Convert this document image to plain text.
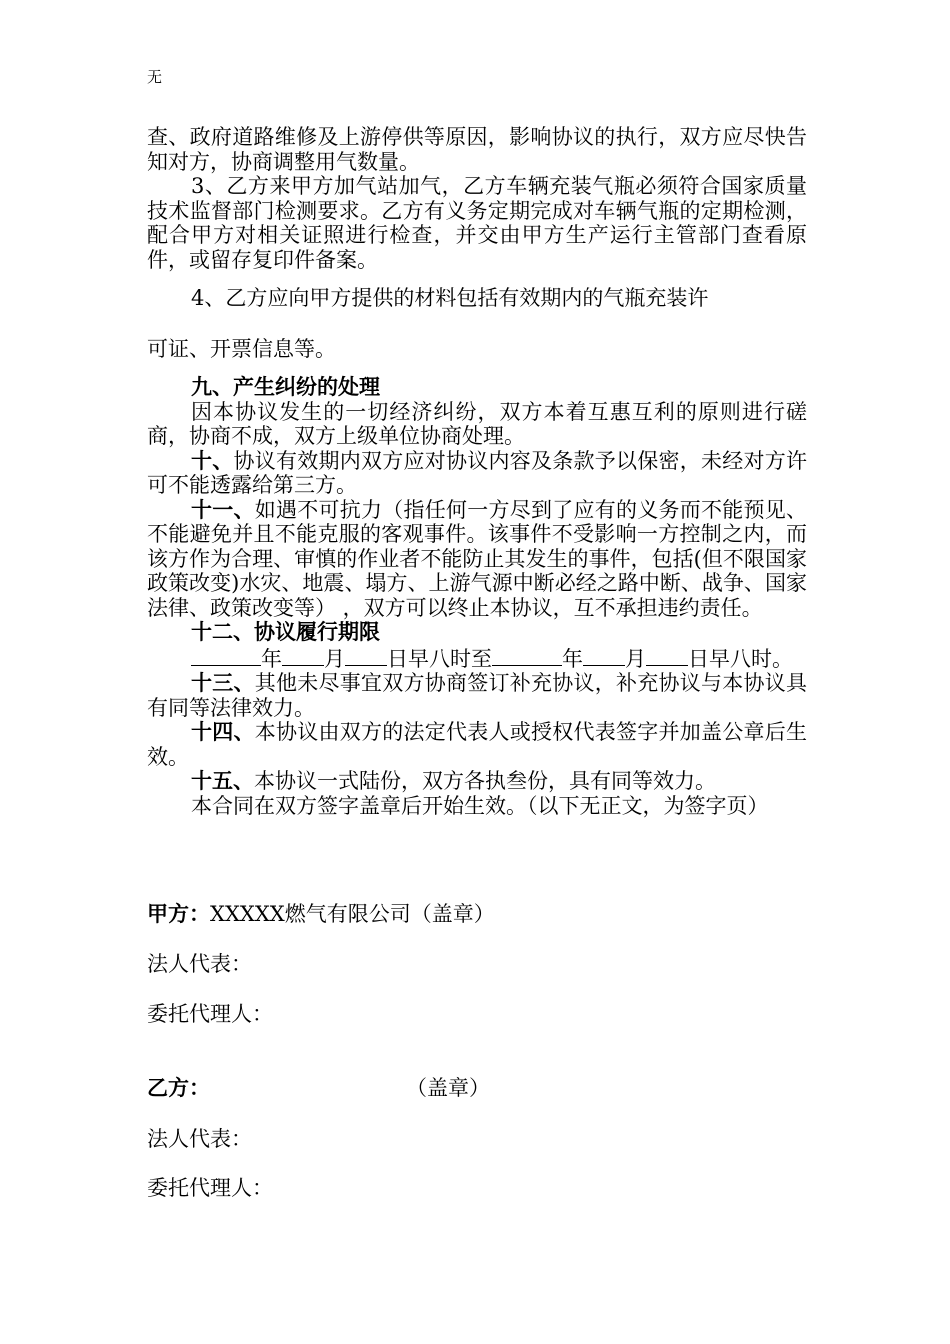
无

查、政府道路维修及上游停供等原因，影响协议的执行，双方应尽快告知对方，协商调整用气数量。

3、乙方来甲方加气站加气，乙方车辆充装气瓶必须符合国家质量技术监督部门检测要求。乙方有义务定期完成对车辆气瓶的定期检测，配合甲方对相关证照进行检查，并交由甲方生产运行主管部门查看原件，或留存复印件备案。

4、乙方应向甲方提供的材料包括有效期内的气瓶充装许

可证、开票信息等。

九、产生纠纷的处理

因本协议发生的一切经济纠纷，双方本着互惠互利的原则进行磋商，协商不成，双方上级单位协商处理。

十、协议有效期内双方应对协议内容及条款予以保密，未经对方许可不能透露给第三方。

十一、如遇不可抗力（指任何一方尽到了应有的义务而不能预见、不能避免并且不能克服的客观事件。该事件不受影响一方控制之内，而该方作为合理、审慎的作业者不能防止其发生的事件，包括(但不限国家政策改变)水灾、地震、塌方、上游气源中断必经之路中断、战争、国家法律、政策改变等） ，双方可以终止本协议，互不承担违约责任。

十二、协议履行期限

年 月 日早八时至	年 月 日早八时。

十三、其他未尽事宜双方协商签订补充协议，补充协议与本协议具有同等法律效力。

十四、本协议由双方的法定代表人或授权代表签字并加盖公章后生效。

十五、本协议一式陆份，双方各执叁份，具有同等效力。

本合同在双方签字盖章后开始生效。（以下无正文，为签字页）

甲方：XXXXX燃气有限公司（盖章）
法人代表：
委托代理人：
乙方：	（盖章）
法人代表：
委托代理人：
